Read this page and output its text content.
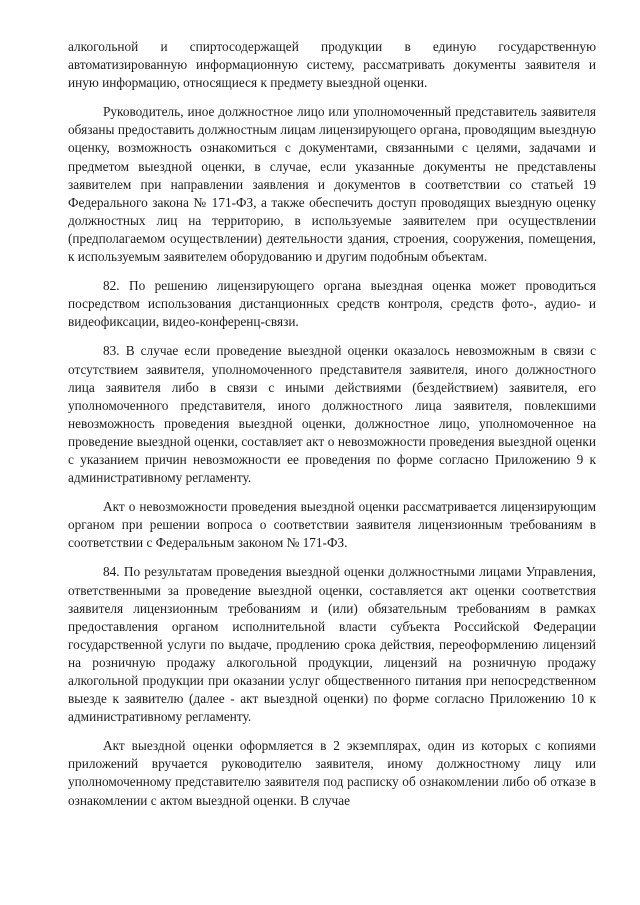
алкогольной и спиртосодержащей продукции в единую государственную автоматизированную информационную систему, рассматривать документы заявителя и иную информацию, относящиеся к предмету выездной оценки.

Руководитель, иное должностное лицо или уполномоченный представитель заявителя обязаны предоставить должностным лицам лицензирующего органа, проводящим выездную оценку, возможность ознакомиться с документами, связанными с целями, задачами и предметом выездной оценки, в случае, если указанные документы не представлены заявителем при направлении заявления и документов в соответствии со статьей 19 Федерального закона № 171-ФЗ, а также обеспечить доступ проводящих выездную оценку должностных лиц на территорию, в используемые заявителем при осуществлении (предполагаемом осуществлении) деятельности здания, строения, сооружения, помещения, к используемым заявителем оборудованию и другим подобным объектам.

82. По решению лицензирующего органа выездная оценка может проводиться посредством использования дистанционных средств контроля, средств фото-, аудио- и видеофиксации, видео-конференц-связи.

83. В случае если проведение выездной оценки оказалось невозможным в связи с отсутствием заявителя, уполномоченного представителя заявителя, иного должностного лица заявителя либо в связи с иными действиями (бездействием) заявителя, его уполномоченного представителя, иного должностного лица заявителя, повлекшими невозможность проведения выездной оценки, должностное лицо, уполномоченное на проведение выездной оценки, составляет акт о невозможности проведения выездной оценки с указанием причин невозможности ее проведения по форме согласно Приложению 9 к административному регламенту.

Акт о невозможности проведения выездной оценки рассматривается лицензирующим органом при решении вопроса о соответствии заявителя лицензионным требованиям в соответствии с Федеральным законом № 171-ФЗ.

84. По результатам проведения выездной оценки должностными лицами Управления, ответственными за проведение выездной оценки, составляется акт оценки соответствия заявителя лицензионным требованиям и (или) обязательным требованиям в рамках предоставления органом исполнительной власти субъекта Российской Федерации государственной услуги по выдаче, продлению срока действия, переоформлению лицензий на розничную продажу алкогольной продукции, лицензий на розничную продажу алкогольной продукции при оказании услуг общественного питания при непосредственном выезде к заявителю (далее - акт выездной оценки) по форме согласно Приложению 10 к административному регламенту.

Акт выездной оценки оформляется в 2 экземплярах, один из которых с копиями приложений вручается руководителю заявителя, иному должностному лицу или уполномоченному представителю заявителя под расписку об ознакомлении либо об отказе в ознакомлении с актом выездной оценки. В случае
